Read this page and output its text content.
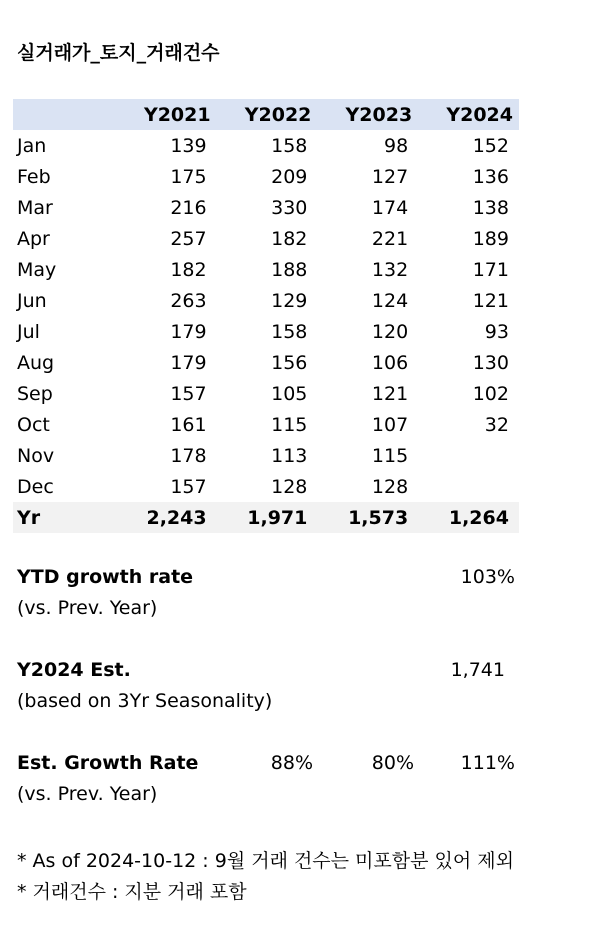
실거래가_토지_거래건수
Y2021	Y2022	Y2023	Y2024
Jan	139	158	98	152
Feb	175	209	127	136
Mar	216	330	174	138
Apr	257	182	221	189
May	182	188	132	171
Jun	263	129	124	121
Jul	179	158	120	93
Aug	179	156	106	130
Sep	157	105	121	102
Oct	161	115	107	32
Nov	178	113	115
Dec	157	128	128
Yr	2,243	1,971	1,573	1,264
YTD growth rate	103%
(vs. Prev. Year)
Y2024 Est.	1,741
(based on 3Yr Seasonality)
Est. Growth Rate	88%	80% 111%
(vs. Prev. Year)
* As of 2024-10-12 : 9월 거래 건수는 미포함분 있어 제외
* 거래건수 : 지분 거래 포함
